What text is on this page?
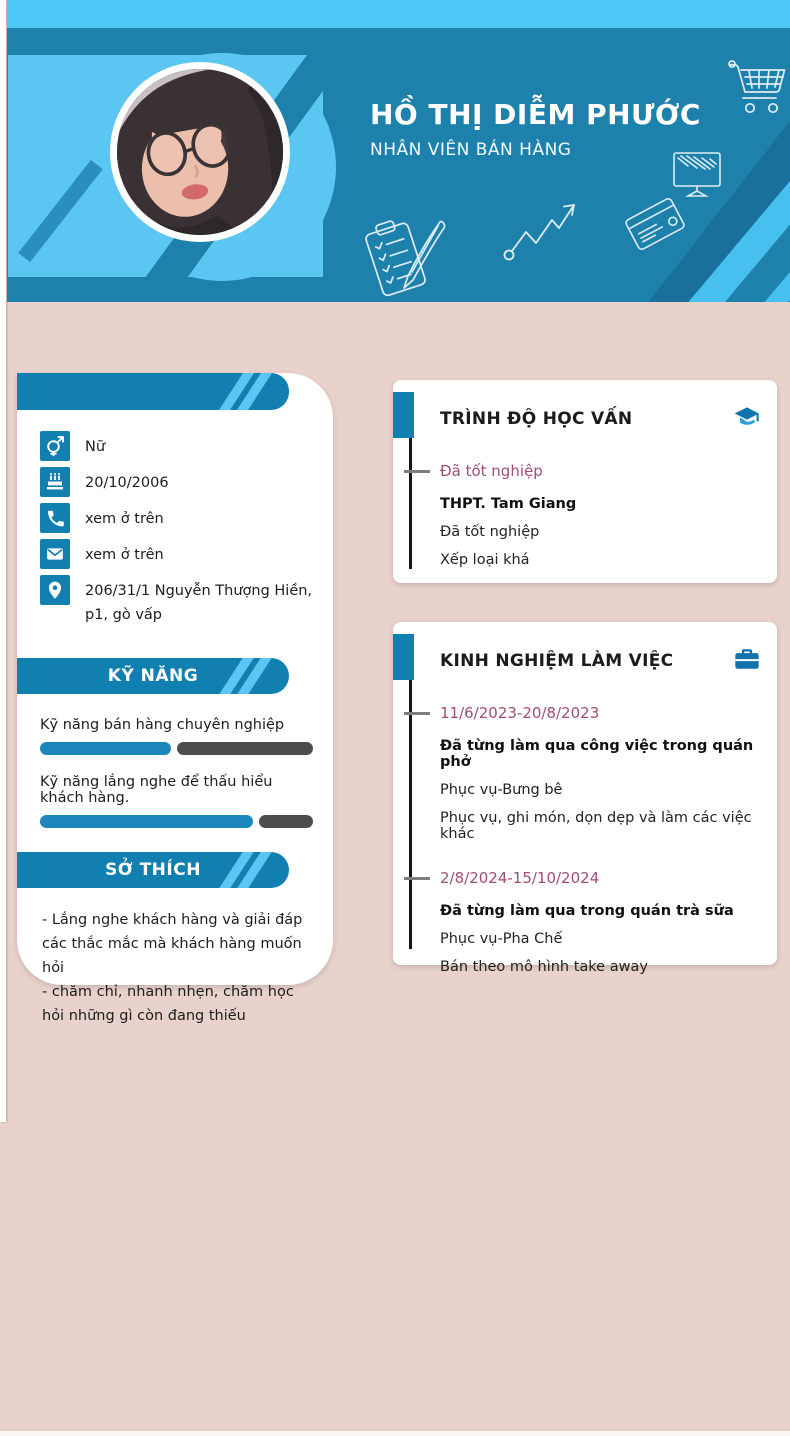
HỒ THỊ DIỄM PHƯỚC
NHÂN VIÊN BÁN HÀNG
Nữ
20/10/2006
xem ở trên
xem ở trên
206/31/1 Nguyễn Thượng Hiền, p1, gò vấp
KỸ NĂNG
Kỹ năng bán hàng chuyên nghiệp
Kỹ năng lắng nghe để thấu hiểu khách hàng.
SỞ THÍCH

- Lắng nghe khách hàng và giải đáp các thắc mắc mà khách hàng muốn hỏi

- chăm chỉ, nhanh nhẹn, chăm học hỏi những gì còn đang thiếu

TRÌNH ĐỘ HỌC VẤN
Đã tốt nghiệp
THPT. Tam Giang
Đã tốt nghiệp
Xếp loại khá
KINH NGHIỆM LÀM VIỆC
11/6/2023-20/8/2023
Đã từng làm qua công việc trong quán phở
Phục vụ-Bưng bê
Phục vụ, ghi món, dọn dẹp và làm các việc khác
2/8/2024-15/10/2024
Đã từng làm qua trong quán trà sữa
Phục vụ-Pha Chế
Bán theo mô hình take away
